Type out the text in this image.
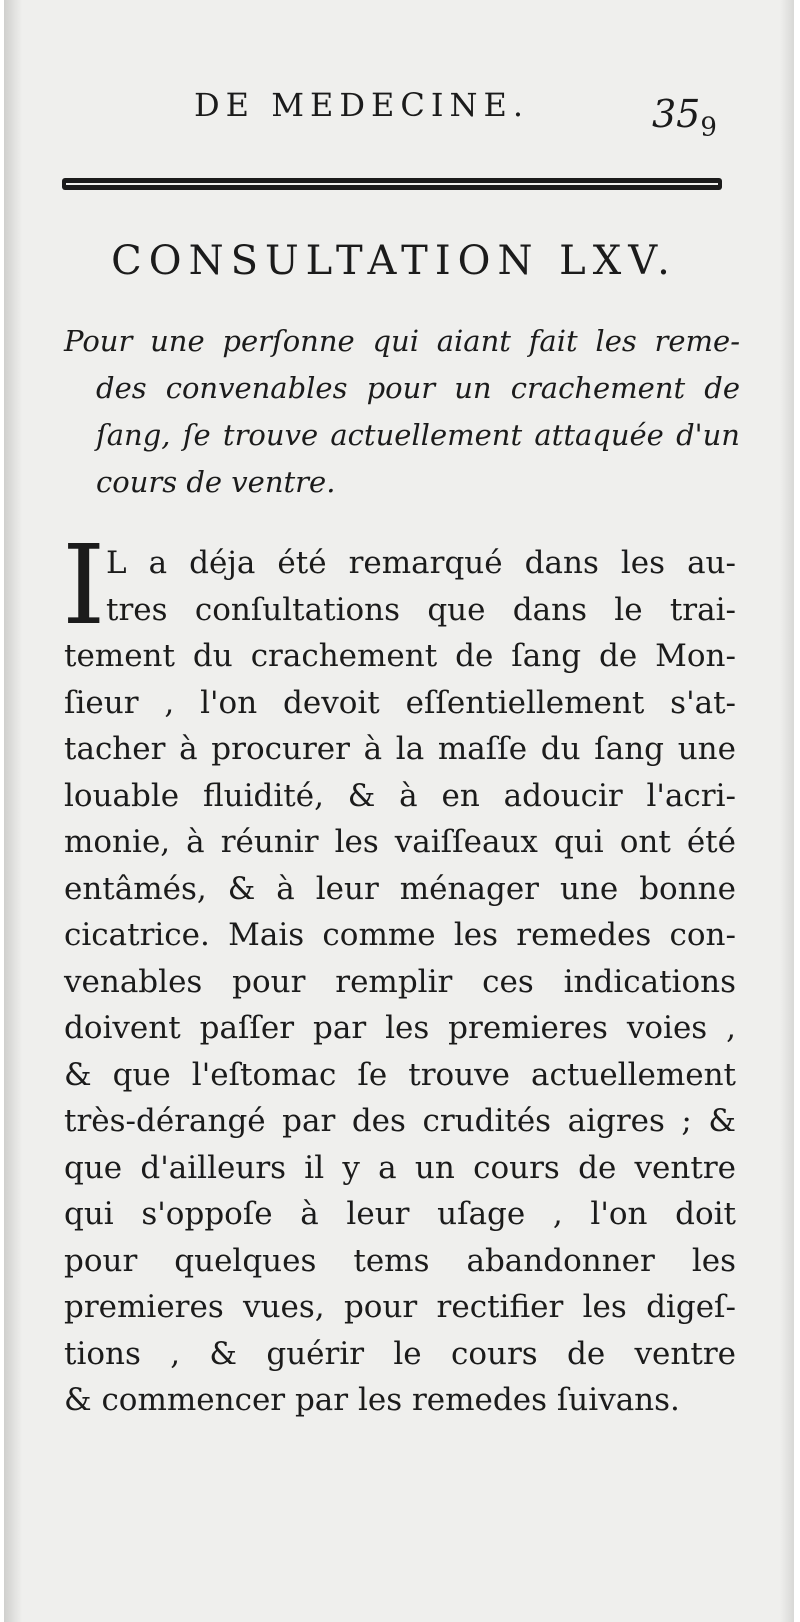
DE MEDECINE.	$35_9$
CONSULTATION LXV.
Pour une perſonne qui aiant fait les reme-
des convenables pour un crachement de
ſang, ſe trouve actuellement attaquée d'un
cours de ventre.
I L a déja été remarqué dans les au-
tres conſultations que dans le trai-
tement du crachement de ſang de Mon-
ſieur , l'on devoit eſſentiellement s'at-
tacher à procurer à la maſſe du ſang une
louable fluidité, & à en adoucir l'acri-
monie, à réunir les vaiſſeaux qui ont été
entâmés, & à leur ménager une bonne
cicatrice. Mais comme les remedes con-
venables pour remplir ces indications
doivent paſſer par les premieres voies ,
& que l'eſtomac ſe trouve actuellement
très-dérangé par des crudités aigres ; &
que d'ailleurs il y a un cours de ventre
qui s'oppoſe à leur uſage , l'on doit
pour quelques tems abandonner les
premieres vues, pour rectifier les digeſ-
tions , & guérir le cours de ventre
& commencer par les remedes ſuivans.
